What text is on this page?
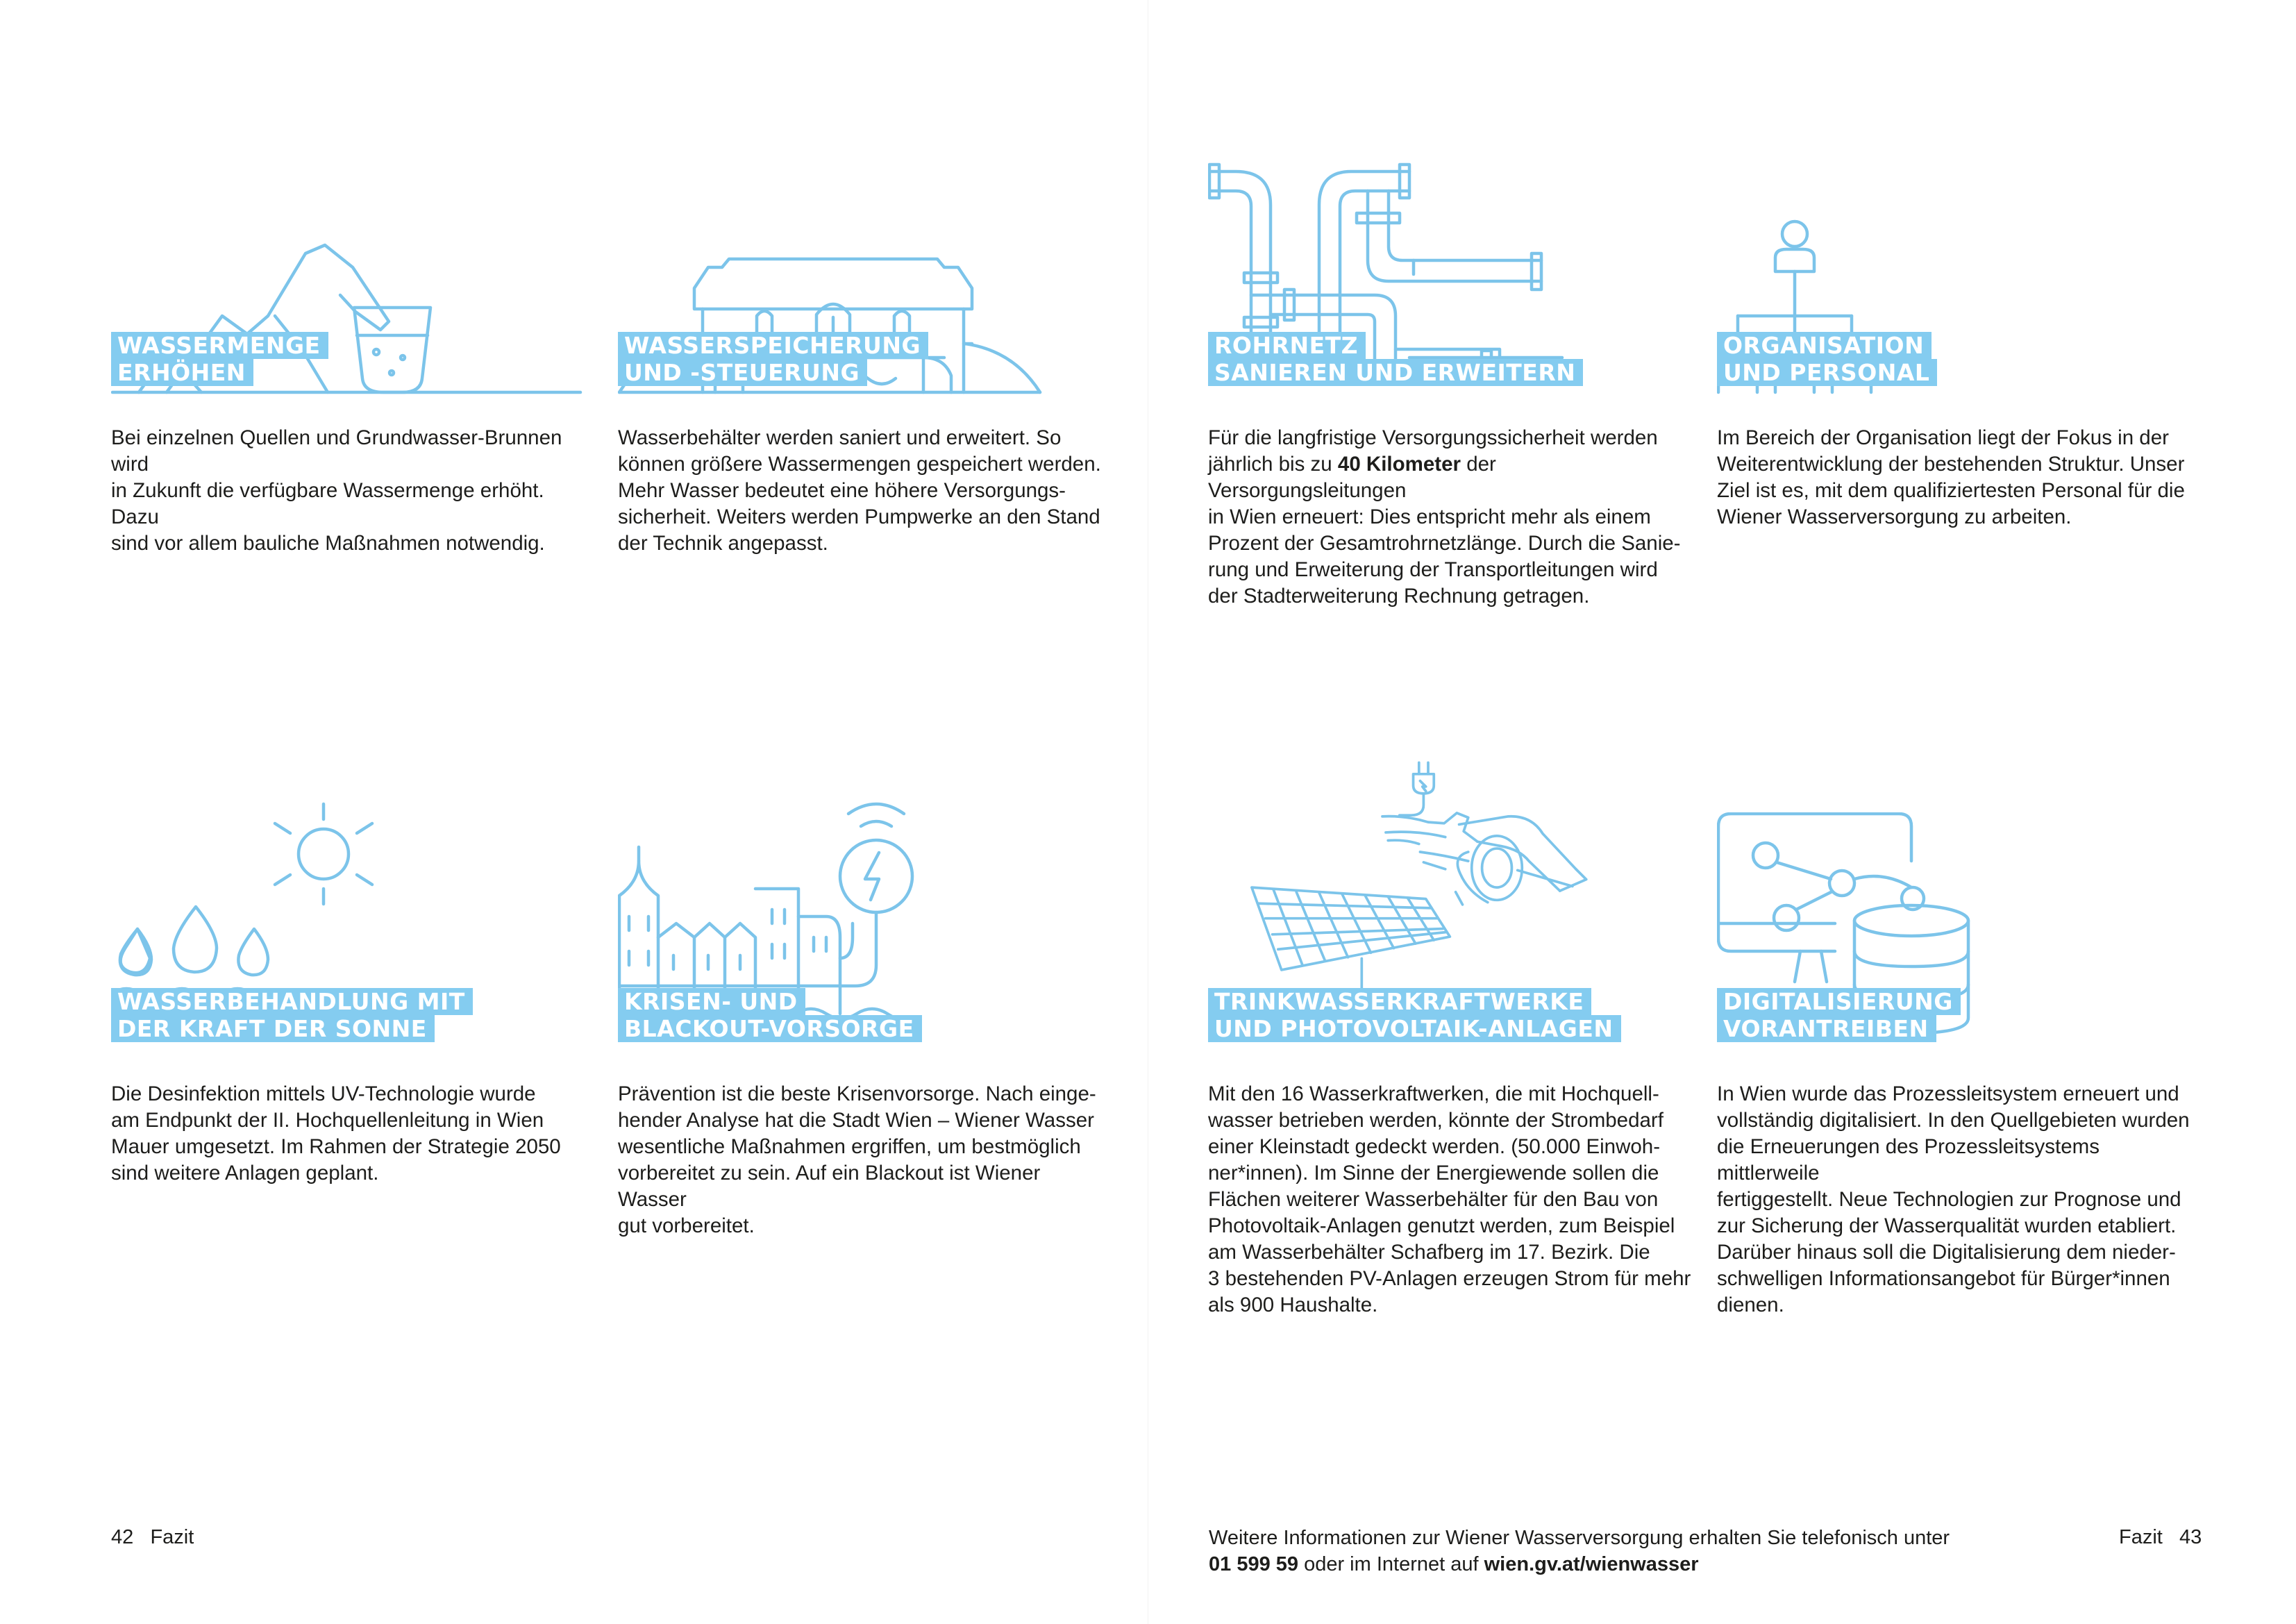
WASSERMENGE
ERHÖHEN

Bei einzelnen Quellen und Grundwasser-Brunnen wird
in Zukunft die verfügbare Wassermenge erhöht. Dazu
sind vor allem bauliche Maßnahmen notwendig.

WASSERSPEICHERUNG
UND -STEUERUNG

Wasserbehälter werden saniert und erweitert. So
können größere Wassermengen gespeichert werden.
Mehr Wasser bedeutet eine höhere Versorgungs-
sicherheit. Weiters werden Pumpwerke an den Stand
der Technik angepasst.

ROHRNETZ
SANIEREN UND ERWEITERN

Für die langfristige Versorgungssicherheit werden
jährlich bis zu 40 Kilometer der Versorgungsleitungen
in Wien erneuert: Dies entspricht mehr als einem
Prozent der Gesamtrohrnetzlänge. Durch die Sanie-
rung und Erweiterung der Transportleitungen wird
der Stadterweiterung Rechnung getragen.

ORGANISATION
UND PERSONAL

Im Bereich der Organisation liegt der Fokus in der
Weiterentwicklung der bestehenden Struktur. Unser
Ziel ist es, mit dem qualifiziertesten Personal für die
Wiener Wasserversorgung zu arbeiten.

WASSERBEHANDLUNG MIT
DER KRAFT DER SONNE

Die Desinfektion mittels UV-Technologie wurde
am Endpunkt der II. Hochquellenleitung in Wien
Mauer umgesetzt. Im Rahmen der Strategie 2050
sind weitere Anlagen geplant.

KRISEN- UND
BLACKOUT-VORSORGE

Prävention ist die beste Krisenvorsorge. Nach einge-
hender Analyse hat die Stadt Wien – Wiener Wasser
wesentliche Maßnahmen ergriffen, um bestmöglich
vorbereitet zu sein. Auf ein Blackout ist Wiener Wasser
gut vorbereitet.

TRINKWASSERKRAFTWERKE
UND PHOTOVOLTAIK-ANLAGEN

Mit den 16 Wasserkraftwerken, die mit Hochquell-
wasser betrieben werden, könnte der Strombedarf
einer Kleinstadt gedeckt werden. (50.000 Einwoh-
ner*innen). Im Sinne der Energiewende sollen die
Flächen weiterer Wasserbehälter für den Bau von
Photovoltaik-Anlagen genutzt werden, zum Beispiel
am Wasserbehälter Schafberg im 17. Bezirk. Die
3 bestehenden PV-Anlagen erzeugen Strom für mehr
als 900 Haushalte.

DIGITALISIERUNG
VORANTREIBEN

In Wien wurde das Prozessleitsystem erneuert und
vollständig digitalisiert. In den Quellgebieten wurden
die Erneuerungen des Prozessleitsystems mittlerweile
fertiggestellt. Neue Technologien zur Prognose und
zur Sicherung der Wasserqualität wurden etabliert.
Darüber hinaus soll die Digitalisierung dem nieder-
schwelligen Informationsangebot für Bürger*innen
dienen.

42 Fazit	Weitere Informationen zur Wiener Wasserversorgung erhalten Sie telefonisch unter
01 599 59 oder im Internet auf wien.gv.at/wienwasser
Fazit 43
